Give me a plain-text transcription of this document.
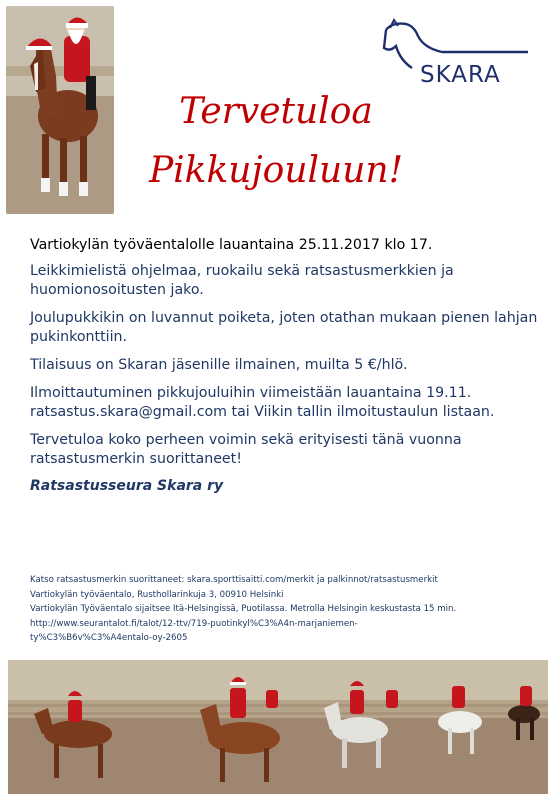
SKARA
Tervetuloa
Pikkujouluun!

Vartiokylän työväentalolle lauantaina 25.11.2017 klo 17.

Leikkimielistä ohjelmaa, ruokailu sekä ratsastusmerkkien ja huomionosoitusten jako.

Joulupukkikin on luvannut poiketa, joten otathan mukaan pienen lahjan pukinkonttiin.

Tilaisuus on Skaran jäsenille ilmainen, muilta 5 €/hlö.

Ilmoittautuminen pikkujouluihin viimeistään lauantaina 19.11. ratsastus.skara@gmail.com tai Viikin tallin ilmoitustaulun listaan.

Tervetuloa koko perheen voimin sekä erityisesti tänä vuonna ratsastusmerkin suorittaneet!

Ratsastusseura Skara ry
Katso ratsastusmerkin suorittaneet: skara.sporttisaitti.com/merkit ja palkinnot/ratsastusmerkit
Vartiokylän työväentalo, Rusthollarinkuja 3, 00910 Helsinki
Vartiokylän Työväentalo sijaitsee Itä-Helsingissä, Puotilassa. Metrolla Helsingin keskustasta 15 min.
http://www.seurantalot.fi/talot/12-ttv/719-puotinkyl%C3%A4n-marjaniemen-
ty%C3%B6v%C3%A4entalo-oy-2605
